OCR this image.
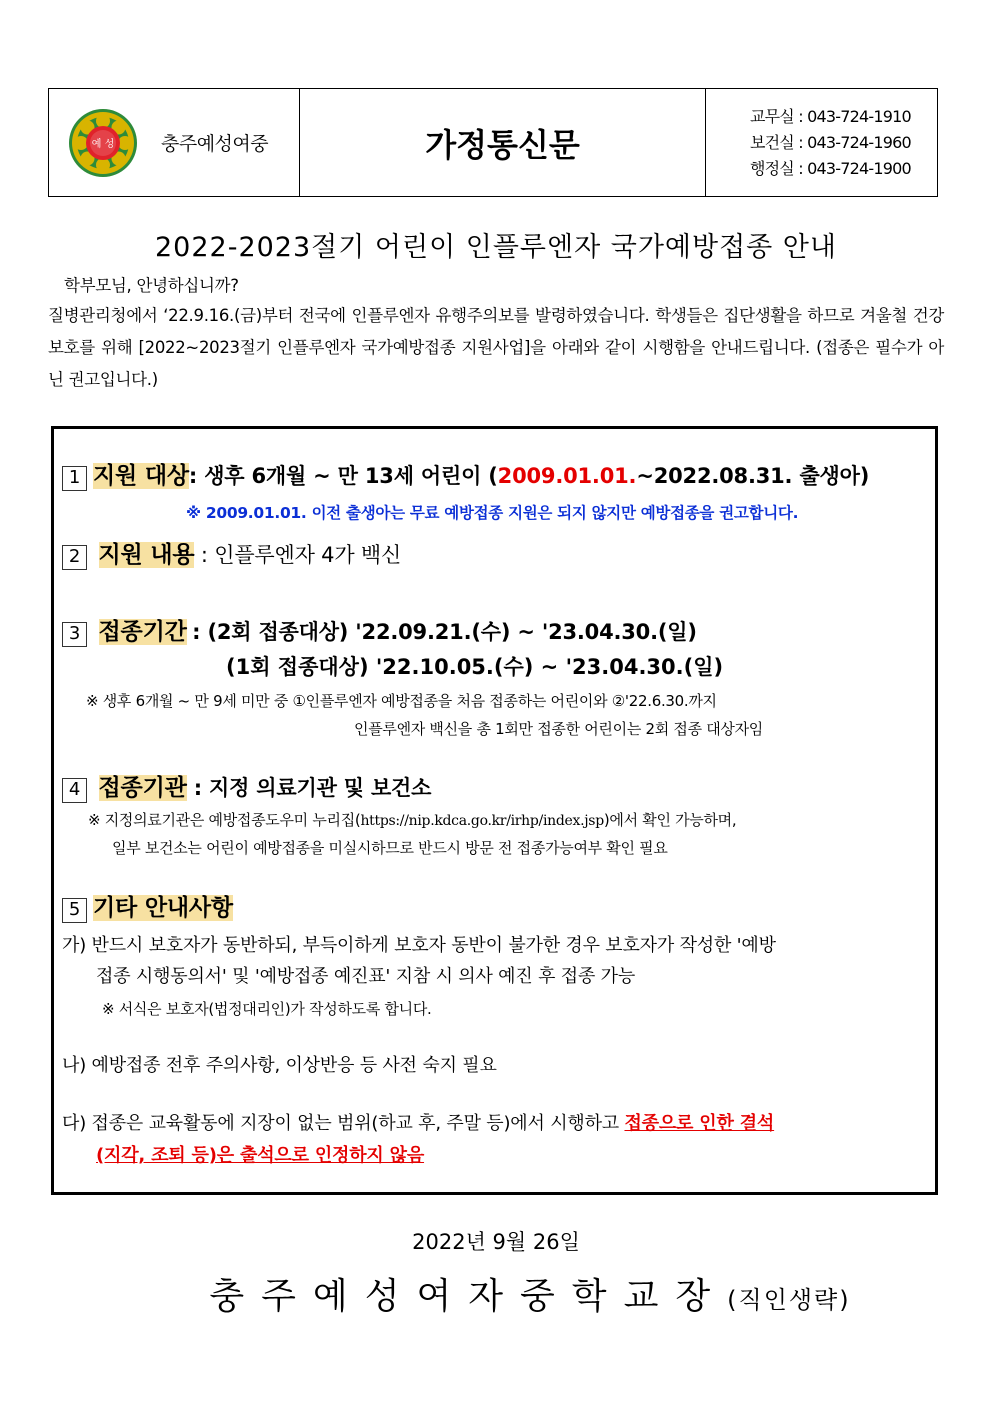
예 성 충주예성여중	가정통신문
교무실 : 043-724-1910
보건실 : 043-724-1960
행정실 : 043-724-1900
2022-2023절기 어린이 인플루엔자 국가예방접종 안내
학부모님, 안녕하십니까?
질병관리청에서 ‘22.9.16.(금)부터 전국에 인플루엔자 유행주의보를 발령하였습니다. 학생들은 집단생활을 하므로 겨울철 건강 보호를 위해 [2022~2023절기 인플루엔자 국가예방접종 지원사업]을 아래와 같이 시행함을 안내드립니다. (접종은 필수가 아닌 권고입니다.)
1 지원 대상: 생후 6개월 ~ 만 13세 어린이 (2009.01.01.~2022.08.31. 출생아)
※ 2009.01.01. 이전 출생아는 무료 예방접종 지원은 되지 않지만 예방접종을 권고합니다.
2 지원 내용 : 인플루엔자 4가 백신
3 접종기간 : (2회 접종대상) '22.09.21.(수) ~ '23.04.30.(일)
(1회 접종대상) '22.10.05.(수) ~ '23.04.30.(일)
※ 생후 6개월 ~ 만 9세 미만 중 ①인플루엔자 예방접종을 처음 접종하는 어린이와 ②'22.6.30.까지
인플루엔자 백신을 총 1회만 접종한 어린이는 2회 접종 대상자임
4 접종기관 : 지정 의료기관 및 보건소
※ 지정의료기관은 예방접종도우미 누리집(https://nip.kdca.go.kr/irhp/index.jsp)에서 확인 가능하며,
일부 보건소는 어린이 예방접종을 미실시하므로 반드시 방문 전 접종가능여부 확인 필요
5 기타 안내사항
가) 반드시 보호자가 동반하되, 부득이하게 보호자 동반이 불가한 경우 보호자가 작성한 '예방
접종 시행동의서' 및 '예방접종 예진표' 지참 시 의사 예진 후 접종 가능
※ 서식은 보호자(법정대리인)가 작성하도록 합니다.
나) 예방접종 전후 주의사항, 이상반응 등 사전 숙지 필요
다) 접종은 교육활동에 지장이 없는 범위(하교 후, 주말 등)에서 시행하고 접종으로 인한 결석
(지각, 조퇴 등)은 출석으로 인정하지 않음
2022년 9월 26일
충주예성여자중학교장(직인생략)
